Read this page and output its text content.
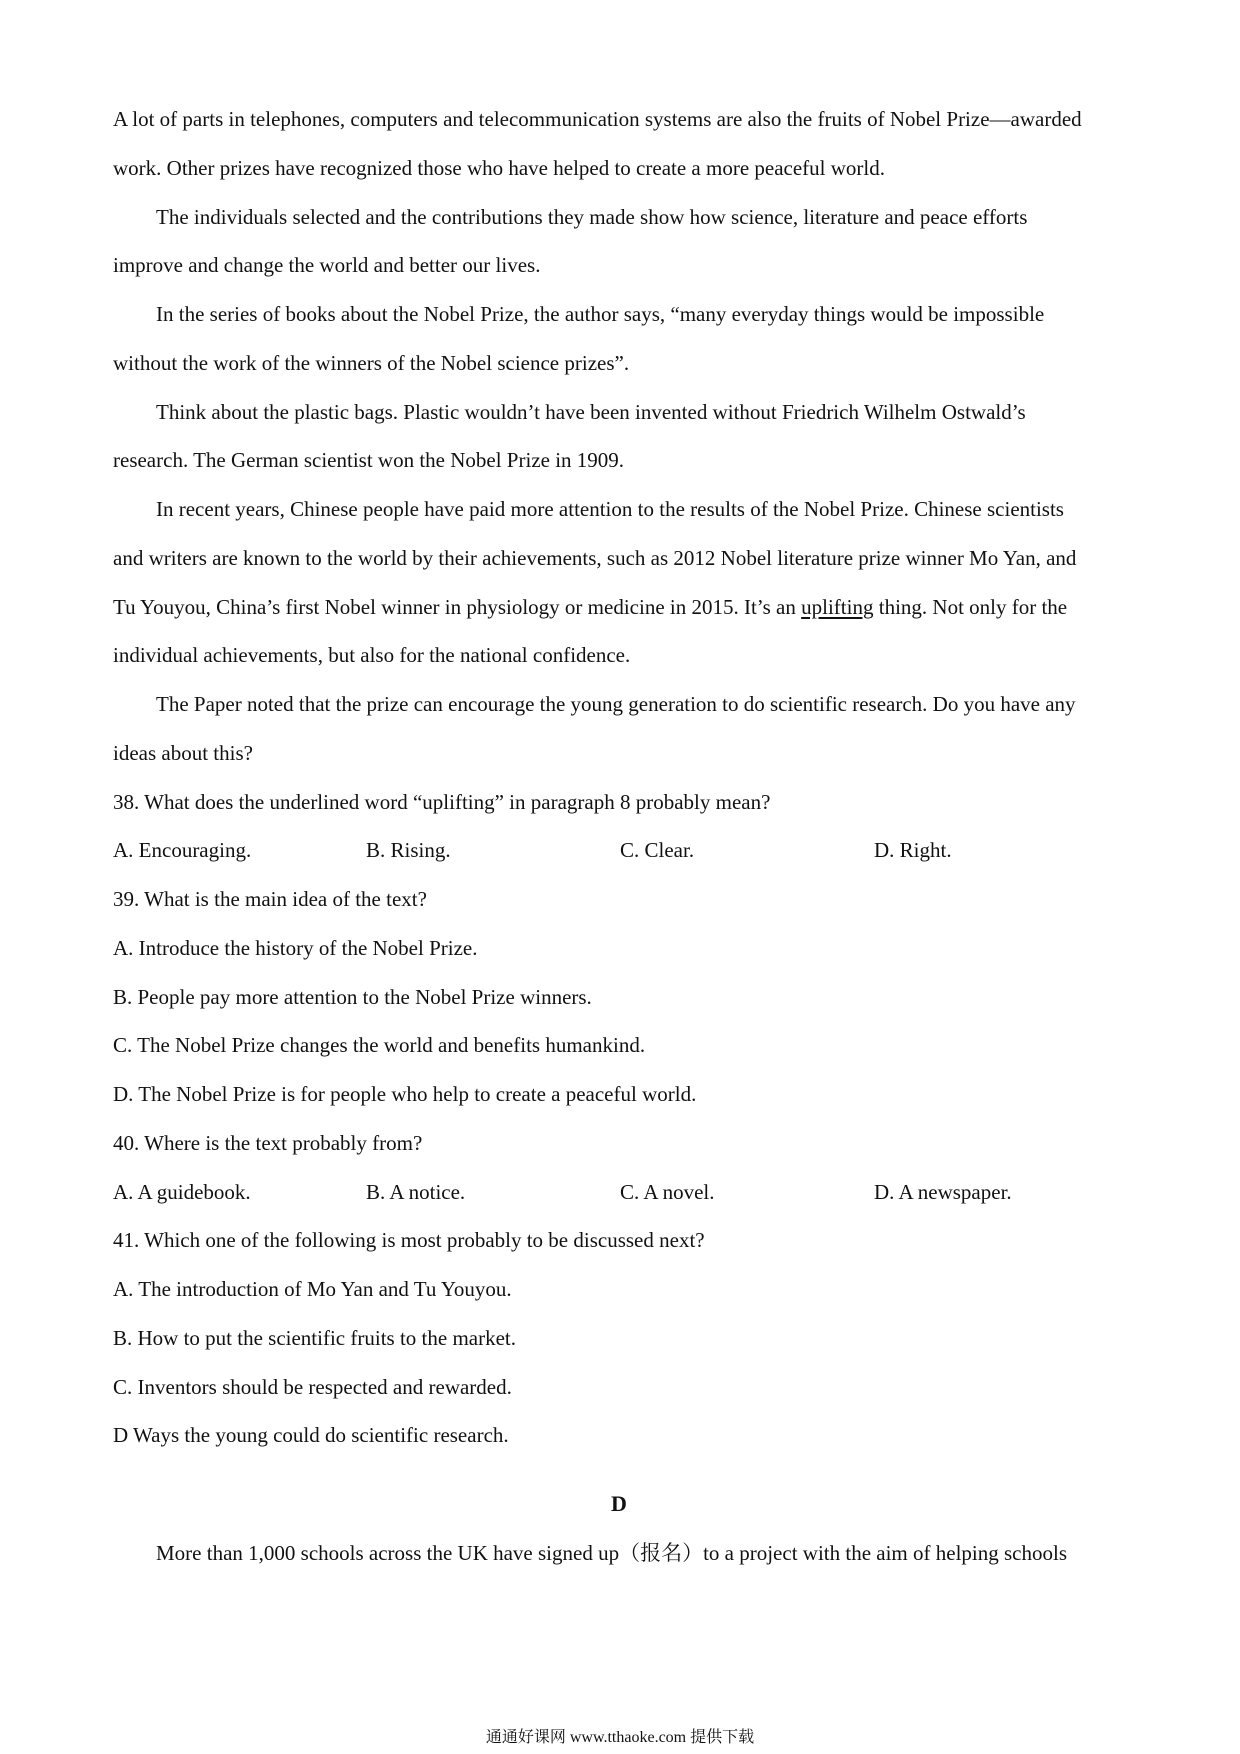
A lot of parts in telephones, computers and telecommunication systems are also the fruits of Nobel Prize—awarded
work. Other prizes have recognized those who have helped to create a more peaceful world.
The individuals selected and the contributions they made show how science, literature and peace efforts
improve and change the world and better our lives.
In the series of books about the Nobel Prize, the author says, “many everyday things would be impossible
without the work of the winners of the Nobel science prizes”.
Think about the plastic bags. Plastic wouldn’t have been invented without Friedrich Wilhelm Ostwald’s
research. The German scientist won the Nobel Prize in 1909.
In recent years, Chinese people have paid more attention to the results of the Nobel Prize. Chinese scientists
and writers are known to the world by their achievements, such as 2012 Nobel literature prize winner Mo Yan, and
Tu Youyou, China’s first Nobel winner in physiology or medicine in 2015. It’s an uplifting thing. Not only for the
individual achievements, but also for the national confidence.
The Paper noted that the prize can encourage the young generation to do scientific research. Do you have any
ideas about this?
38. What does the underlined word “uplifting” in paragraph 8 probably mean?
A. Encouraging.	B. Rising.	C. Clear.	D. Right.
39. What is the main idea of the text?
A. Introduce the history of the Nobel Prize.
B. People pay more attention to the Nobel Prize winners.
C. The Nobel Prize changes the world and benefits humankind.
D. The Nobel Prize is for people who help to create a peaceful world.
40. Where is the text probably from?
A. A guidebook.	B. A notice.	C. A novel.	D. A newspaper.
41. Which one of the following is most probably to be discussed next?
A. The introduction of Mo Yan and Tu Youyou.
B. How to put the scientific fruits to the market.
C. Inventors should be respected and rewarded.
D Ways the young could do scientific research.
D
More than 1,000 schools across the UK have signed up（报名）to a project with the aim of helping schools
通通好课网 www.tthaoke.com 提供下载
